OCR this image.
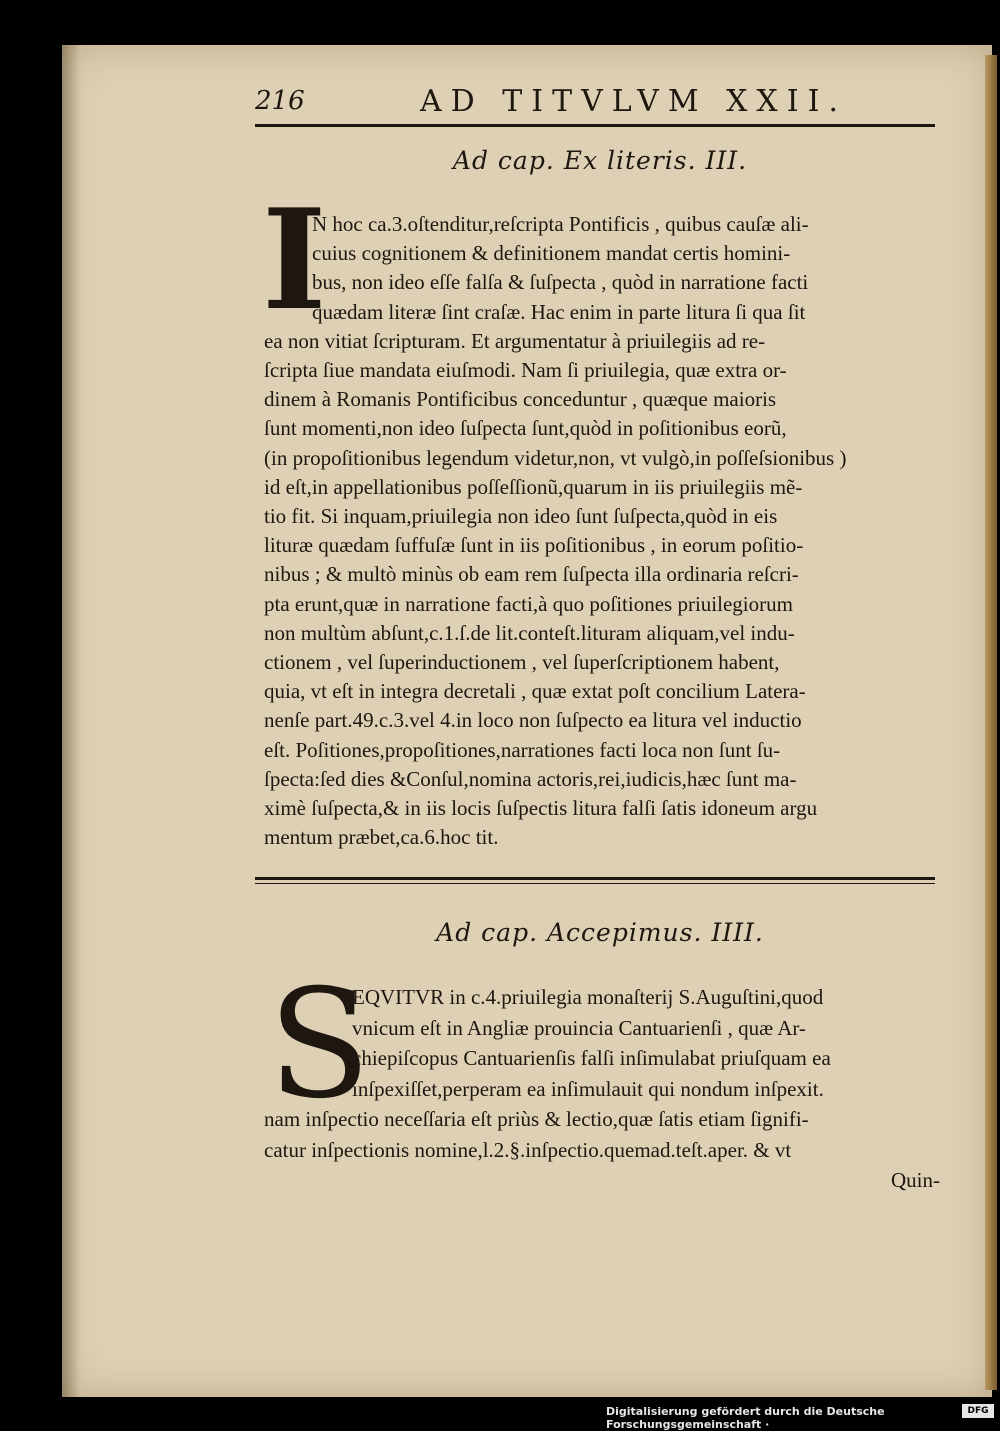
216	AD TITVLVM XXII.
Ad cap. Ex literis. III.
I
N hoc ca.3.oſtenditur,reſcripta Pontificis , quibus cauſæ ali-
cuius cognitionem & definitionem mandat certis homini-
bus, non ideo eſſe falſa & ſuſpecta , quòd in narratione facti
quædam literæ ſint craſæ. Hac enim in parte litura ſi qua ſit
ea non vitiat ſcripturam. Et argumentatur à priuilegiis ad re-
ſcripta ſiue mandata eiuſmodi. Nam ſi priuilegia, quæ extra or-
dinem à Romanis Pontificibus conceduntur , quæque maioris
ſunt momenti,non ideo ſuſpecta ſunt,quòd in poſitionibus eorũ,
(in propoſitionibus legendum videtur,non, vt vulgò,in poſſeſsionibus )
id eſt,in appellationibus poſſeſſionũ,quarum in iis priuilegiis mẽ-
tio fit. Si inquam,priuilegia non ideo ſunt ſuſpecta,quòd in eis
lituræ quædam ſuffuſæ ſunt in iis poſitionibus , in eorum poſitio-
nibus ; & multò minùs ob eam rem ſuſpecta illa ordinaria reſcri-
pta erunt,quæ in narratione facti,à quo poſitiones priuilegiorum
non multùm abſunt,c.1.ſ.de lit.conteſt.lituram aliquam,vel indu-
ctionem , vel ſuperinductionem , vel ſuperſcriptionem habent,
quia, vt eſt in integra decretali , quæ extat poſt concilium Latera-
nenſe part.49.c.3.vel 4.in loco non ſuſpecto ea litura vel inductio
eſt. Poſitiones,propoſitiones,narrationes facti loca non ſunt ſu-
ſpecta:ſed dies &Conſul,nomina actoris,rei,iudicis,hæc ſunt ma-
ximè ſuſpecta,& in iis locis ſuſpectis litura falſi ſatis idoneum argu
mentum præbet,ca.6.hoc tit.
Ad cap. Accepimus. IIII.
S
EQVITVR in c.4.priuilegia monaſterij S.Auguſtini,quod
vnicum eſt in Angliæ prouincia Cantuarienſi , quæ Ar-
chiepiſcopus Cantuarienſis falſi inſimulabat priuſquam ea
inſpexiſſet,perperam ea inſimulauit qui nondum inſpexit.
nam inſpectio neceſſaria eſt priùs & lectio,quæ ſatis etiam ſignifi-
catur inſpectionis nomine,l.2.§.inſpectio.quemad.teſt.aper. & vt
Quin-
Digitalisierung gefördert durch die Deutsche Forschungsgemeinschaft ·
DFG
